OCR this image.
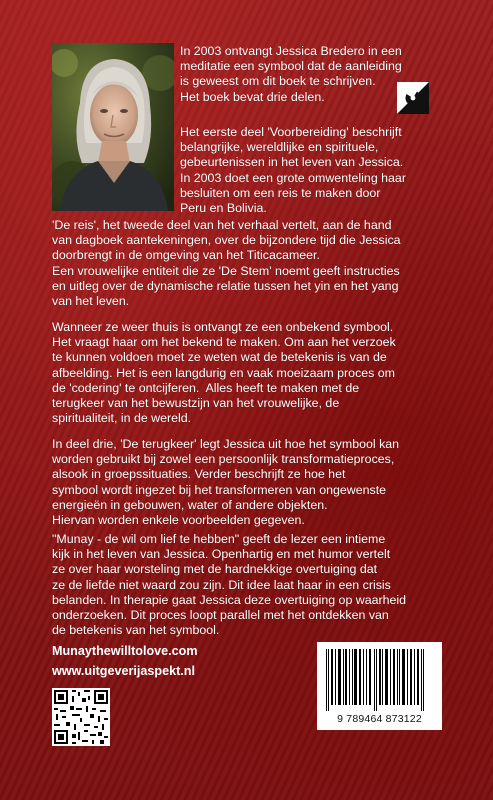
In 2003 ontvangt Jessica Bredero in een
meditatie een symbool dat de aanleiding
is geweest om dit boek te schrijven.
Het boek bevat drie delen.
Het eerste deel 'Voorbereiding' beschrijft
belangrijke, wereldlijke en spirituele,
gebeurtenissen in het leven van Jessica.
In 2003 doet een grote omwenteling haar
besluiten om een reis te maken door
Peru en Bolivia.
'De reis', het tweede deel van het verhaal vertelt, aan de hand
van dagboek aantekeningen, over de bijzondere tijd die Jessica
doorbrengt in de omgeving van het Titicacameer.
Een vrouwelijke entiteit die ze 'De Stem' noemt geeft instructies
en uitleg over de dynamische relatie tussen het yin en het yang
van het leven.
Wanneer ze weer thuis is ontvangt ze een onbekend symbool.
Het vraagt haar om het bekend te maken. Om aan het verzoek
te kunnen voldoen moet ze weten wat de betekenis is van de
afbeelding. Het is een langdurig en vaak moeizaam proces om
de 'codering' te ontcijferen.  Alles heeft te maken met de
terugkeer van het bewustzijn van het vrouwelijke, de
spiritualiteit, in de wereld.
In deel drie, 'De terugkeer' legt Jessica uit hoe het symbool kan
worden gebruikt bij zowel een persoonlijk transformatieproces,
alsook in groepssituaties. Verder beschrijft ze hoe het
symbool wordt ingezet bij het transformeren van ongewenste
energieën in gebouwen, water of andere objekten.
Hiervan worden enkele voorbeelden gegeven.
"Munay - de wil om lief te hebben" geeft de lezer een intieme
kijk in het leven van Jessica. Openhartig en met humor vertelt
ze over haar worsteling met de hardnekkige overtuiging dat
ze de liefde niet waard zou zijn. Dit idee laat haar in een crisis
belanden. In therapie gaat Jessica deze overtuiging op waarheid
onderzoeken. Dit proces loopt parallel met het ontdekken van
de betekenis van het symbool.
Munaythewilltolove.com
www.uitgeverijaspekt.nl
9 789464 873122
